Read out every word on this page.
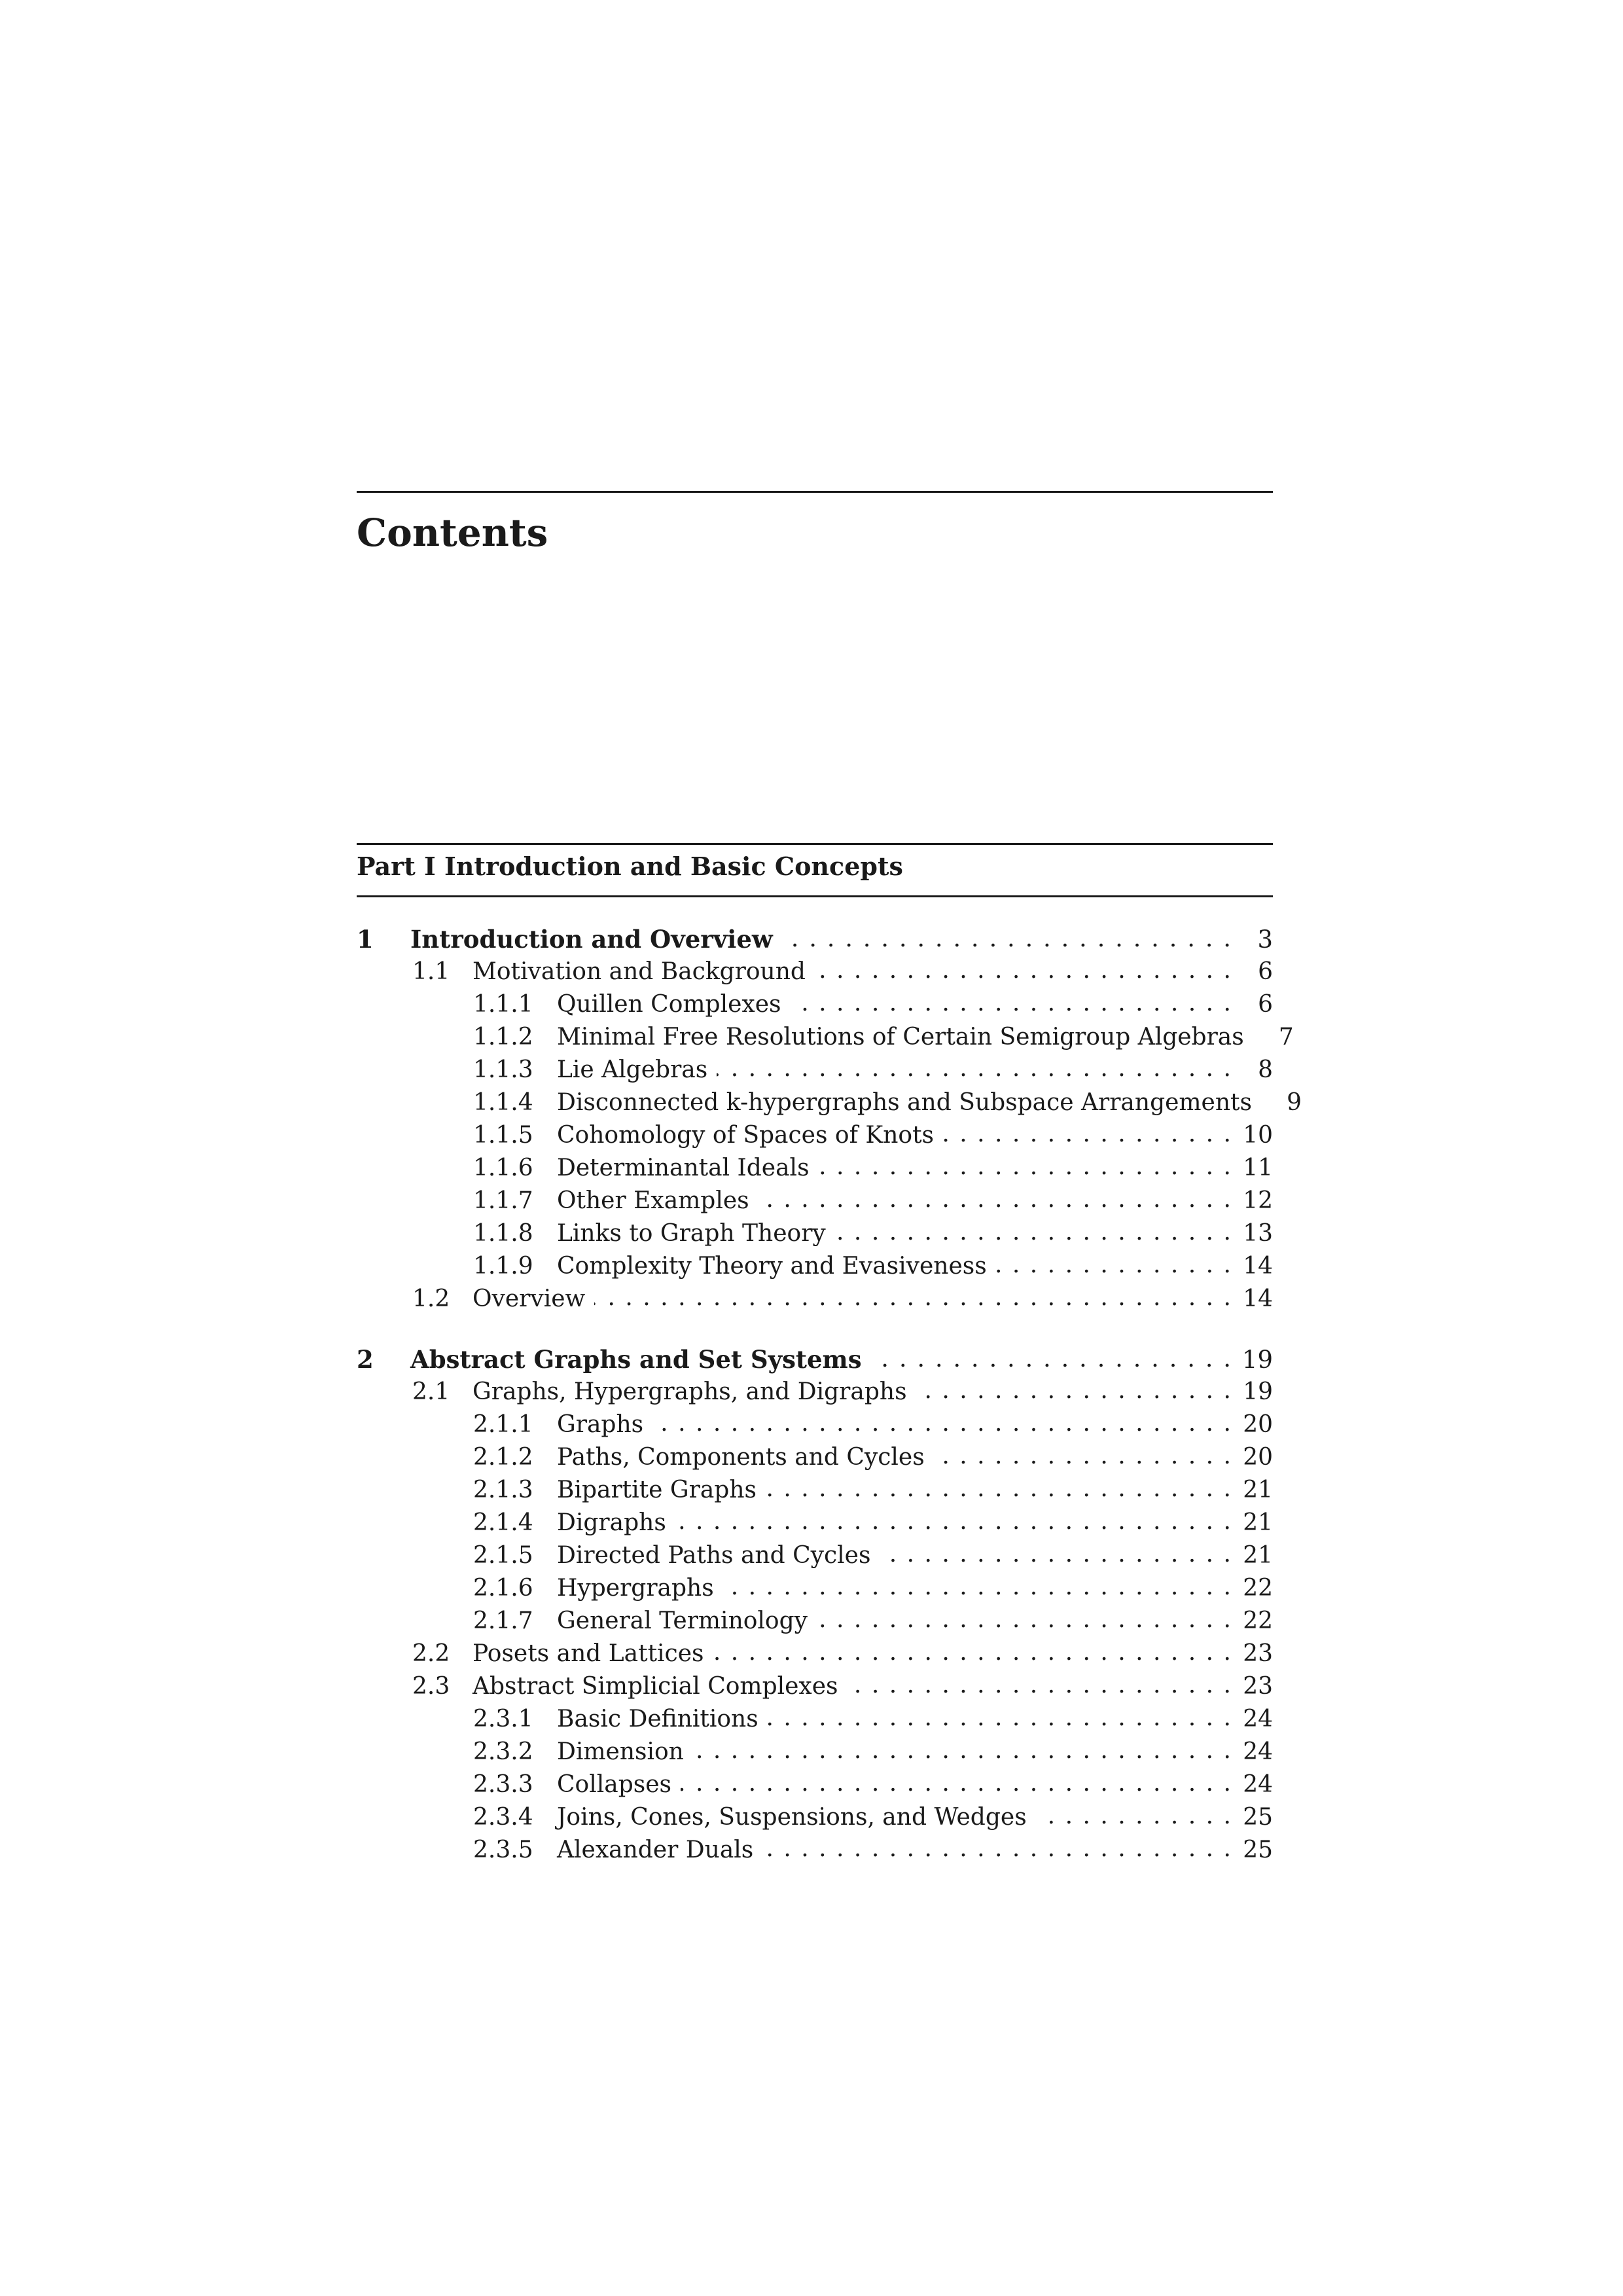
Contents
Part I Introduction and Basic Concepts
1	Introduction and Overview . . .	3
1.1 Motivation and Background . . .	6
1.1.1	Quillen Complexes . . .	6
1.1.2	Minimal Free Resolutions of Certain Semigroup Algebras	7
1.1.3	Lie Algebras . . .	8
1.1.4	Disconnected k-hypergraphs and Subspace Arrangements	9
1.1.5	Cohomology of Spaces of Knots . . .	10
1.1.6	Determinantal Ideals . . .	11
1.1.7	Other Examples . . .	12
1.1.8	Links to Graph Theory . . .	13
1.1.9	Complexity Theory and Evasiveness . . .	14
1.2 Overview . . .	14
2	Abstract Graphs and Set Systems . . .	19
2.1 Graphs, Hypergraphs, and Digraphs . . .	19
2.1.1	Graphs . . .	20
2.1.2	Paths, Components and Cycles . . .	20
2.1.3	Bipartite Graphs . . .	21
2.1.4	Digraphs . . .	21
2.1.5	Directed Paths and Cycles . . .	21
2.1.6	Hypergraphs . . .	22
2.1.7	General Terminology . . .	22
2.2 Posets and Lattices . . .	23
2.3 Abstract Simplicial Complexes . . .	23
2.3.1	Basic Definitions . . .	24
2.3.2	Dimension . . .	24
2.3.3	Collapses . . .	24
2.3.4	Joins, Cones, Suspensions, and Wedges . . .	25
2.3.5	Alexander Duals . . .	25
